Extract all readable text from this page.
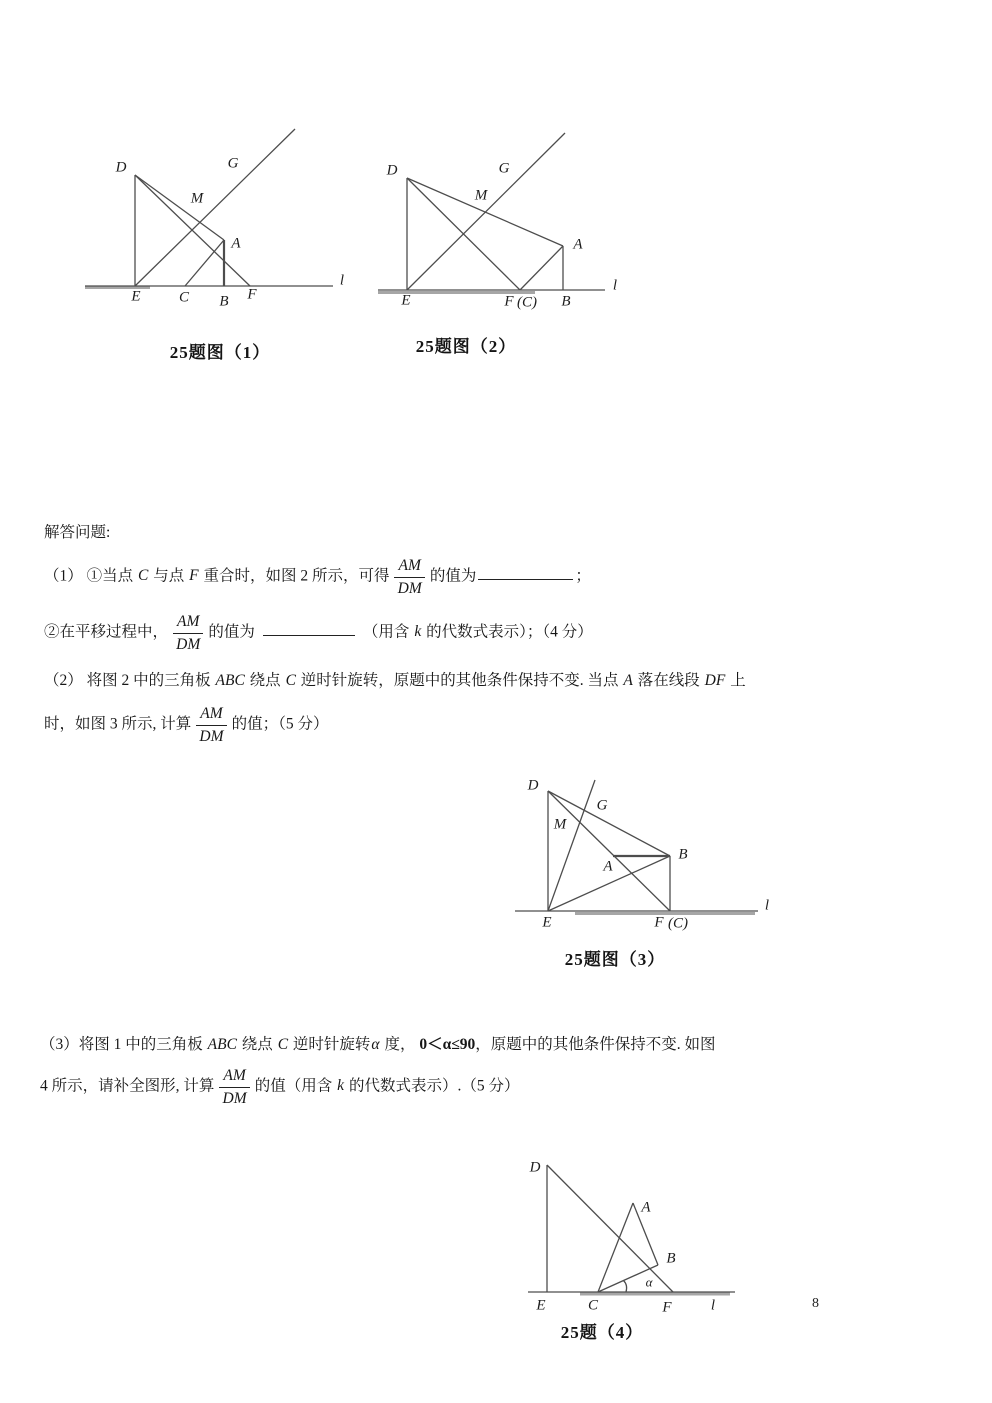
D	G
M
A
E	C B F
l
25题图（1）
D	G
M
A
E	F (C) B
l
25题图（2）
解答问题:
（1） ①当点 C 与点 F 重合时，如图 2 所示，可得 $\frac{AM}{DM}$ 的值为	；
②在平移过程中， $\frac{AM}{DM}$ 的值为	（用含 k 的代数式表示）；（4 分）
（2） 将图 2 中的三角板 ABC 绕点 C 逆时针旋转，原题中的其他条件保持不变. 当点 A 落在线段 DF 上
时，如图 3 所示, 计算 $\frac{AM}{DM}$ 的值；（5 分）
D
G
M
A
B
E	F (C)
l
25题图（3）
（3）将图 1 中的三角板 ABC 绕点 C 逆时针旋转α 度， 0＜α≤90，原题中的其他条件保持不变. 如图
4 所示，请补全图形, 计算 $\frac{AM}{DM}$ 的值（用含 k 的代数式表示）.（5 分）
D
A
B
α
E	C	F	l
25题（4）
8
